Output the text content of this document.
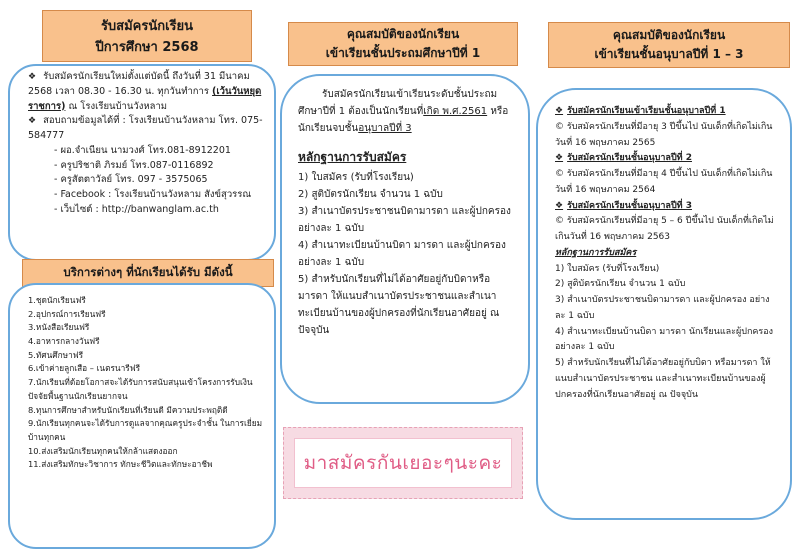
รับสมัครนักเรียน
ปีการศึกษา 2568
❖ รับสมัครนักเรียนใหม่ตั้งแต่บัดนี้ ถึงวันที่ 31 มีนาคม 2568 เวลา 08.30 - 16.30 น. ทุกวันทำการ (เว้นวันหยุดราชการ) ณ โรงเรียนบ้านวังหลาม
❖ สอบถามข้อมูลได้ที่ : โรงเรียนบ้านวังหลาม โทร. 075-584777
- ผอ.จำเนียน นามวงศ์ โทร.081-8912201
- ครูปริชาติ ภิรมย์ โทร.087-0116892
- ครูสัตตาวัลย์ โทร. 097 - 3575065
- Facebook : โรงเรียนบ้านวังหลาม สังข์สุวรรณ
- เว็บไซต์ : http://banwanglam.ac.th
บริการต่างๆ ที่นักเรียนได้รับ มีดังนี้
1.ชุดนักเรียนฟรี
2.อุปกรณ์การเรียนฟรี
3.หนังสือเรียนฟรี
4.อาหารกลางวันฟรี
5.ทัศนศึกษาฟรี
6.เข้าค่ายลูกเสือ – เนตรนารีฟรี
7.นักเรียนที่ด้อยโอกาสจะได้รับการสนับสนุนเข้าโครงการรับเงินปัจจัยพื้นฐานนักเรียนยากจน
8.ทุนการศึกษาสำหรับนักเรียนที่เรียนดี มีความประพฤติดี
9.นักเรียนทุกคนจะได้รับการดูแลจากคุณครูประจำชั้น ในการเยี่ยมบ้านทุกคน
10.ส่งเสริมนักเรียนทุกคนให้กล้าแสดงออก
11.ส่งเสริมทักษะวิชาการ ทักษะชีวิตและทักษะอาชีพ
คุณสมบัติของนักเรียน
เข้าเรียนชั้นประถมศึกษาปีที่ 1
รับสมัครนักเรียนเข้าเรียนระดับชั้นประถมศึกษาปีที่ 1 ต้องเป็นนักเรียนที่เกิด พ.ศ.2561 หรือนักเรียนจบชั้นอนุบาลปีที่ 3
หลักฐานการรับสมัคร
1) ใบสมัคร (รับที่โรงเรียน)
2) สูติบัตรนักเรียน จำนวน 1 ฉบับ
3) สำเนาบัตรประชาชนบิดามารดา และผู้ปกครอง อย่างละ 1 ฉบับ
4) สำเนาทะเบียนบ้านบิดา มารดา และผู้ปกครอง อย่างละ 1 ฉบับ
5) สำหรับนักเรียนที่ไม่ได้อาศัยอยู่กับบิดาหรือมารดา ให้แนบสำเนาบัตรประชาชนและสำเนาทะเบียนบ้านของผู้ปกครองที่นักเรียนอาศัยอยู่ ณ ปัจจุบัน
มาสมัครกันเยอะๆนะคะ
คุณสมบัติของนักเรียน
เข้าเรียนชั้นอนุบาลปีที่ 1 – 3
❖ รับสมัครนักเรียนเข้าเรียนชั้นอนุบาลปีที่ 1
© รับสมัครนักเรียนที่มีอายุ 3 ปีขึ้นไป นับเด็กที่เกิดไม่เกินวันที่ 16 พฤษภาคม 2565
❖ รับสมัครนักเรียนชั้นอนุบาลปีที่ 2
© รับสมัครนักเรียนที่มีอายุ 4 ปีขึ้นไป นับเด็กที่เกิดไม่เกินวันที่ 16 พฤษภาคม 2564
❖ รับสมัครนักเรียนชั้นอนุบาลปีที่ 3
© รับสมัครนักเรียนที่มีอายุ 5 – 6 ปีขึ้นไป นับเด็กที่เกิดไม่เกินวันที่ 16 พฤษภาคม 2563
หลักฐานการรับสมัคร
1) ใบสมัคร (รับที่โรงเรียน)
2) สูติบัตรนักเรียน จำนวน 1 ฉบับ
3) สำเนาบัตรประชาชนบิดามารดา และผู้ปกครอง อย่างละ 1 ฉบับ
4) สำเนาทะเบียนบ้านบิดา มารดา นักเรียนและผู้ปกครอง อย่างละ 1 ฉบับ
5) สำหรับนักเรียนที่ไม่ได้อาศัยอยู่กับบิดา หรือมารดา ให้แนบสำเนาบัตรประชาชน และสำเนาทะเบียนบ้านของผู้ปกครองที่นักเรียนอาศัยอยู่ ณ ปัจจุบัน
